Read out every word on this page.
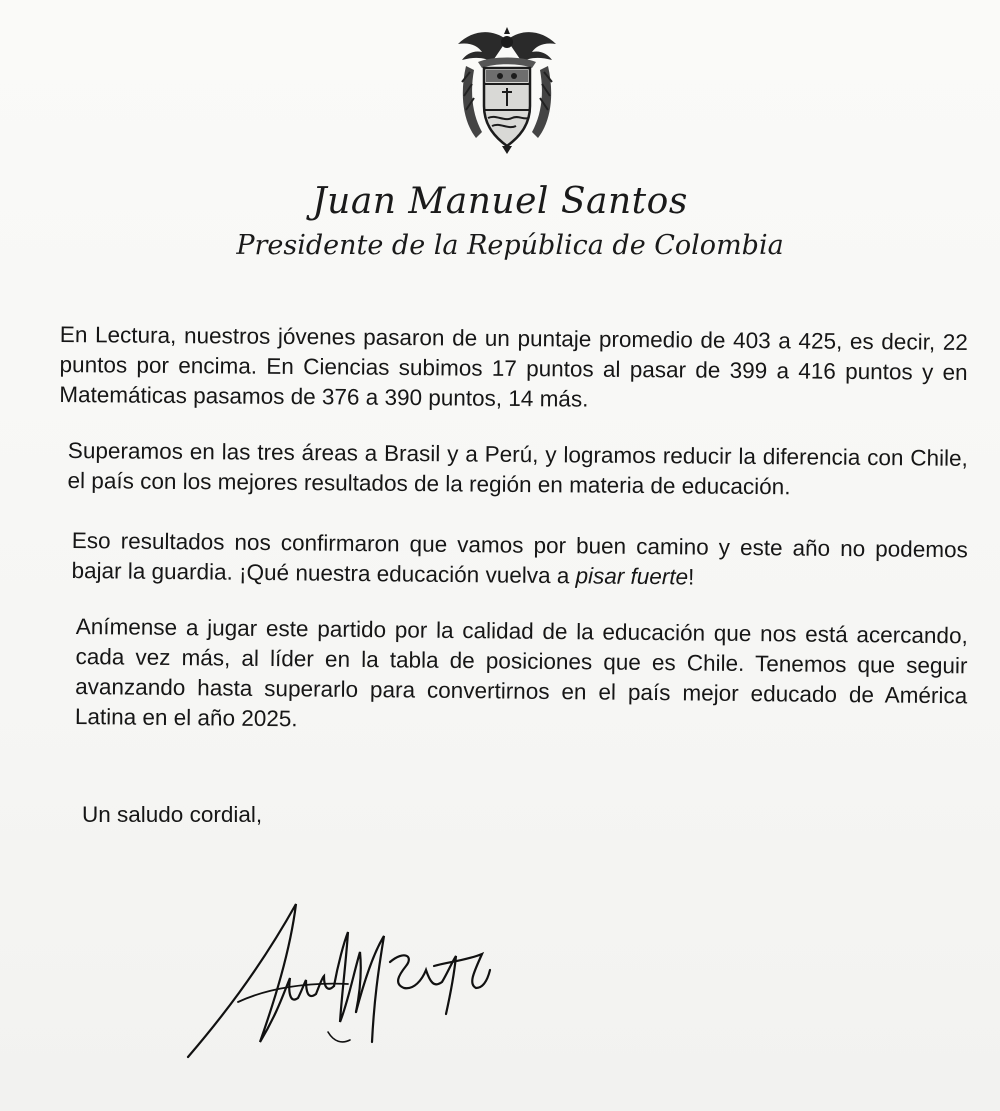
Juan Manuel Santos
Presidente de la República de Colombia

En Lectura, nuestros jóvenes pasaron de un puntaje promedio de 403 a 425, es decir, 22 puntos por encima. En Ciencias subimos 17 puntos al pasar de 399 a 416 puntos y en Matemáticas pasamos de 376 a 390 puntos, 14 más.

Superamos en las tres áreas a Brasil y a Perú, y logramos reducir la diferencia con Chile, el país con los mejores resultados de la región en materia de educación.

Eso resultados nos confirmaron que vamos por buen camino y este año no podemos bajar la guardia. ¡Qué nuestra educación vuelva a pisar fuerte!

Anímense a jugar este partido por la calidad de la educación que nos está acercando, cada vez más, al líder en la tabla de posiciones que es Chile. Tenemos que seguir avanzando hasta superarlo para convertirnos en el país mejor educado de América Latina en el año 2025.

Un saludo cordial,
